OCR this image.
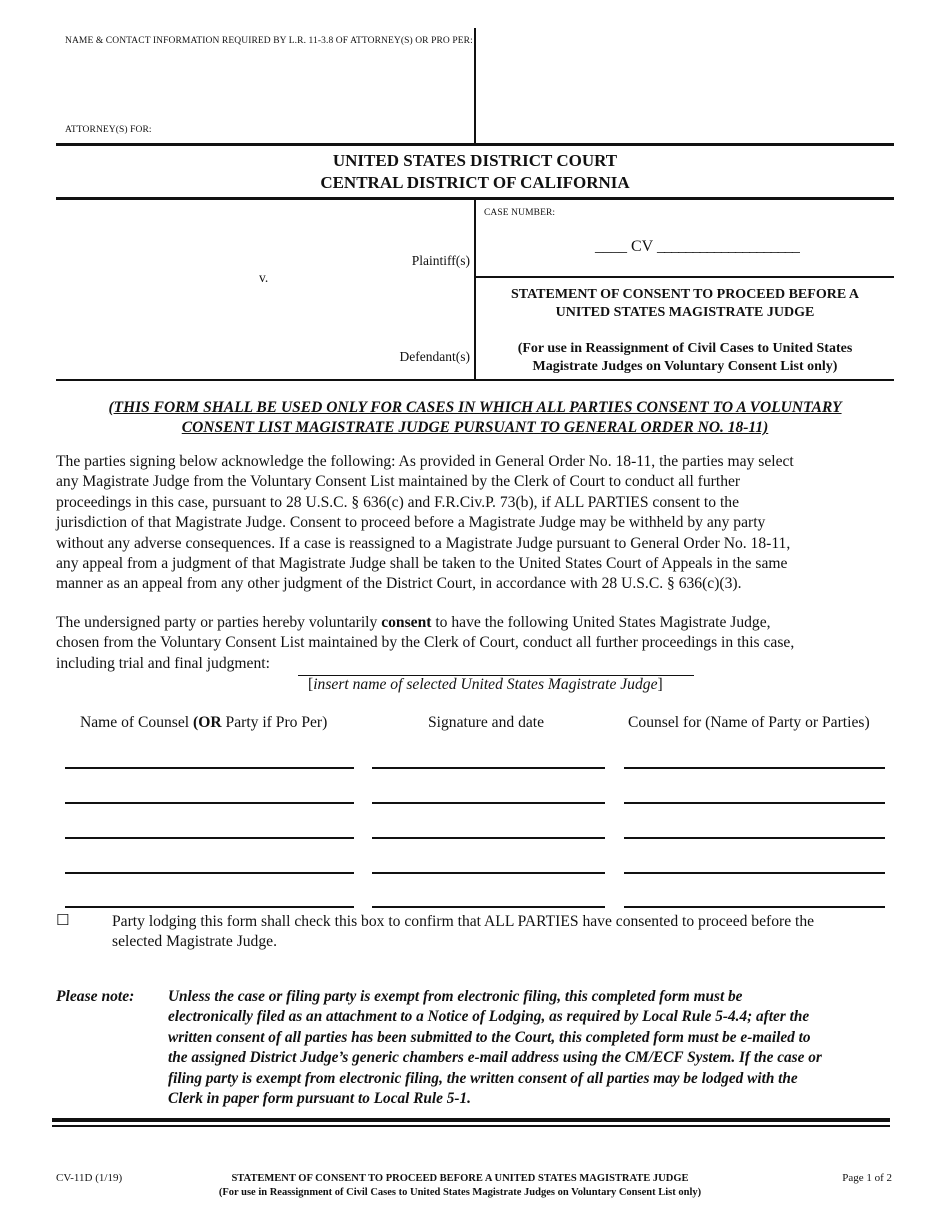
NAME & CONTACT INFORMATION REQUIRED BY L.R. 11-3.8 OF ATTORNEY(S) OR PRO PER:
ATTORNEY(S) FOR:
UNITED STATES DISTRICT COURT
CENTRAL DISTRICT OF CALIFORNIA
Plaintiff(s)
v.
Defendant(s)
CASE NUMBER:
____ CV ____________________
STATEMENT OF CONSENT TO PROCEED BEFORE A
UNITED STATES MAGISTRATE JUDGE
(For use in Reassignment of Civil Cases to United States
Magistrate Judges on Voluntary Consent List only)
(THIS FORM SHALL BE USED ONLY FOR CASES IN WHICH ALL PARTIES CONSENT TO A VOLUNTARY
CONSENT LIST MAGISTRATE JUDGE PURSUANT TO GENERAL ORDER NO. 18-11)
The parties signing below acknowledge the following: As provided in General Order No. 18-11, the parties may select
any Magistrate Judge from the Voluntary Consent List maintained by the Clerk of Court to conduct all further
proceedings in this case, pursuant to 28 U.S.C. § 636(c) and F.R.Civ.P. 73(b), if ALL PARTIES consent to the
jurisdiction of that Magistrate Judge. Consent to proceed before a Magistrate Judge may be withheld by any party
without any adverse consequences. If a case is reassigned to a Magistrate Judge pursuant to General Order No. 18-11,
any appeal from a judgment of that Magistrate Judge shall be taken to the United States Court of Appeals in the same
manner as an appeal from any other judgment of the District Court, in accordance with 28 U.S.C. § 636(c)(3).
The undersigned party or parties hereby voluntarily consent to have the following United States Magistrate Judge,
chosen from the Voluntary Consent List maintained by the Clerk of Court, conduct all further proceedings in this case,
including trial and final judgment:
[insert name of selected United States Magistrate Judge]
Name of Counsel (OR Party if Pro Per)	Signature and date	Counsel for (Name of Party or Parties)
☐	Party lodging this form shall check this box to confirm that ALL PARTIES have consented to proceed before the
selected Magistrate Judge.
Please note: Unless the case or filing party is exempt from electronic filing, this completed form must be
electronically filed as an attachment to a Notice of Lodging, as required by Local Rule 5-4.4; after the
written consent of all parties has been submitted to the Court, this completed form must be e-mailed to
the assigned District Judge’s generic chambers e-mail address using the CM/ECF System. If the case or
filing party is exempt from electronic filing, the written consent of all parties may be lodged with the
Clerk in paper form pursuant to Local Rule 5-1.
CV-11D (1/19)	STATEMENT OF CONSENT TO PROCEED BEFORE A UNITED STATES MAGISTRATE JUDGE
(For use in Reassignment of Civil Cases to United States Magistrate Judges on Voluntary Consent List only)
Page 1 of 2
